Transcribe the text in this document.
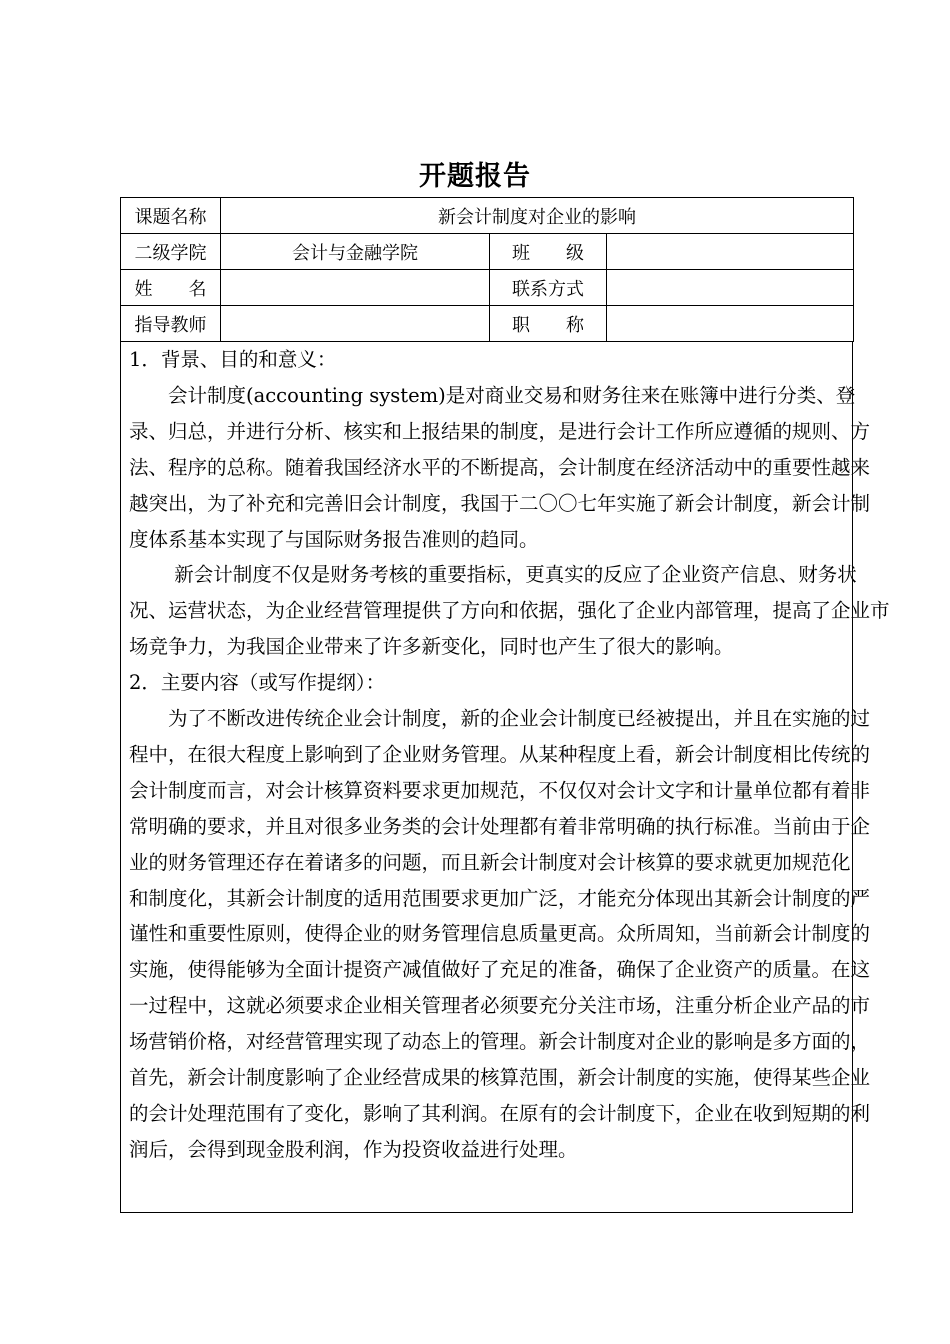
开题报告
课题名称	新会计制度对企业的影响		
二级学院	会计与金融学院	班　　级	
姓　　名		联系方式	
指导教师		职　　称	
1．背景、目的和意义：
　　会计制度(accounting system)是对商业交易和财务往来在账簿中进行分类、登
录、归总，并进行分析、核实和上报结果的制度，是进行会计工作所应遵循的规则、方
法、程序的总称。随着我国经济水平的不断提高，会计制度在经济活动中的重要性越来
越突出，为了补充和完善旧会计制度，我国于二〇〇七年实施了新会计制度，新会计制
度体系基本实现了与国际财务报告准则的趋同。
　　 新会计制度不仅是财务考核的重要指标，更真实的反应了企业资产信息、财务状
况、运营状态，为企业经营管理提供了方向和依据，强化了企业内部管理，提高了企业市
场竞争力，为我国企业带来了许多新变化，同时也产生了很大的影响。
2．主要内容（或写作提纲）：
　　为了不断改进传统企业会计制度，新的企业会计制度已经被提出，并且在实施的过
程中，在很大程度上影响到了企业财务管理。从某种程度上看，新会计制度相比传统的
会计制度而言，对会计核算资料要求更加规范，不仅仅对会计文字和计量单位都有着非
常明确的要求，并且对很多业务类的会计处理都有着非常明确的执行标准。当前由于企
业的财务管理还存在着诸多的问题，而且新会计制度对会计核算的要求就更加规范化
和制度化，其新会计制度的适用范围要求更加广泛，才能充分体现出其新会计制度的严
谨性和重要性原则，使得企业的财务管理信息质量更高。众所周知，当前新会计制度的
实施，使得能够为全面计提资产减值做好了充足的准备，确保了企业资产的质量。在这
一过程中，这就必须要求企业相关管理者必须要充分关注市场，注重分析企业产品的市
场营销价格，对经营管理实现了动态上的管理。新会计制度对企业的影响是多方面的，
首先，新会计制度影响了企业经营成果的核算范围，新会计制度的实施，使得某些企业
的会计处理范围有了变化，影响了其利润。在原有的会计制度下，企业在收到短期的利
润后，会得到现金股利润，作为投资收益进行处理。
